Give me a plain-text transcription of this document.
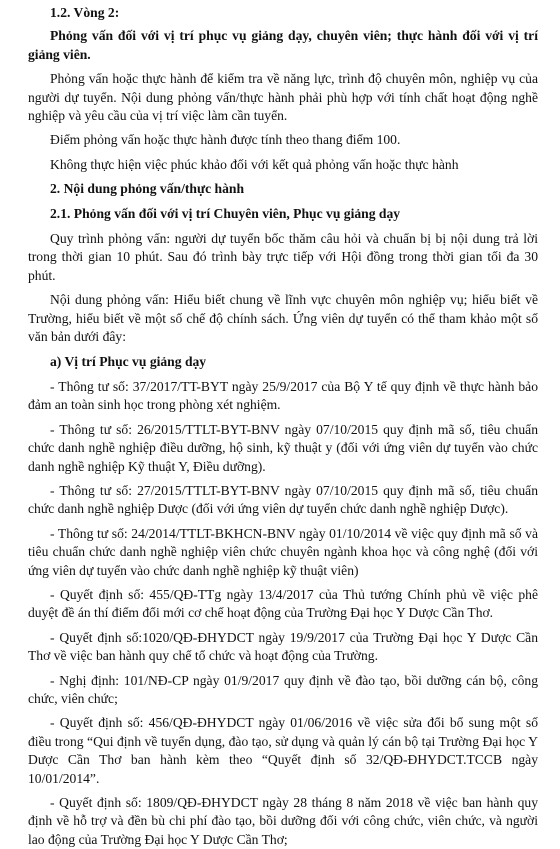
1.2. Vòng 2:

Phỏng vấn đối với vị trí phục vụ giảng dạy, chuyên viên; thực hành đối với vị trí giảng viên.

Phỏng vấn hoặc thực hành để kiểm tra về năng lực, trình độ chuyên môn, nghiệp vụ của người dự tuyển. Nội dung phỏng vấn/thực hành phải phù hợp với tính chất hoạt động nghề nghiệp và yêu cầu của vị trí việc làm cần tuyển.

Điểm phỏng vấn hoặc thực hành được tính theo thang điểm 100.

Không thực hiện việc phúc khảo đối với kết quả phỏng vấn hoặc thực hành

2. Nội dung phỏng vấn/thực hành

2.1. Phỏng vấn đối với vị trí Chuyên viên, Phục vụ giảng dạy

Quy trình phỏng vấn: người dự tuyển bốc thăm câu hỏi và chuẩn bị bị nội dung trả lời trong thời gian 10 phút. Sau đó trình bày trực tiếp với Hội đồng trong thời gian tối đa 30 phút.

Nội dung phỏng vấn: Hiểu biết chung về lĩnh vực chuyên môn nghiệp vụ; hiểu biết về Trường, hiểu biết về một số chế độ chính sách. Ứng viên dự tuyển có thể tham khảo một số văn bản dưới đây:

a) Vị trí Phục vụ giảng dạy

- Thông tư số: 37/2017/TT-BYT ngày 25/9/2017 của Bộ Y tế quy định về thực hành bảo đảm an toàn sinh học trong phòng xét nghiệm.

- Thông tư số: 26/2015/TTLT-BYT-BNV ngày 07/10/2015 quy định mã số, tiêu chuẩn chức danh nghề nghiệp điều dưỡng, hộ sinh, kỹ thuật y (đối với ứng viên dự tuyển vào chức danh nghề nghiệp Kỹ thuật Y, Điều dưỡng).

- Thông tư số: 27/2015/TTLT-BYT-BNV ngày 07/10/2015 quy định mã số, tiêu chuẩn chức danh nghề nghiệp Dược (đối với ứng viên dự tuyển chức danh nghề nghiệp Dược).

- Thông tư số: 24/2014/TTLT-BKHCN-BNV ngày 01/10/2014 về việc quy định mã số và tiêu chuẩn chức danh nghề nghiệp viên chức chuyên ngành khoa học và công nghệ (đối với ứng viên dự tuyển vào chức danh nghề nghiệp kỹ thuật viên)

- Quyết định số: 455/QĐ-TTg ngày 13/4/2017 của Thủ tướng Chính phủ về việc phê duyệt đề án thí điểm đổi mới cơ chế hoạt động của Trường Đại học Y Dược Cần Thơ.

- Quyết định số:1020/QĐ-ĐHYDCT ngày 19/9/2017 của Trường Đại học Y Dược Cần Thơ về việc ban hành quy chế tổ chức và hoạt động của Trường.

- Nghị định: 101/NĐ-CP ngày 01/9/2017 quy định về đào tạo, bồi dưỡng cán bộ, công chức, viên chức;

- Quyết định số: 456/QĐ-ĐHYDCT ngày 01/06/2016 về việc sửa đổi bổ sung một số điều trong “Qui định về tuyển dụng, đào tạo, sử dụng và quản lý cán bộ tại Trường Đại học Y Dược Cần Thơ ban hành kèm theo “Quyết định số 32/QĐ-ĐHYDCT.TCCB ngày 10/01/2014”.

- Quyết định số: 1809/QĐ-ĐHYDCT ngày 28 tháng 8 năm 2018 về việc ban hành quy định về hỗ trợ và đền bù chi phí đào tạo, bồi dưỡng đối với công chức, viên chức, và người lao động của Trường Đại học Y Dược Cần Thơ;
